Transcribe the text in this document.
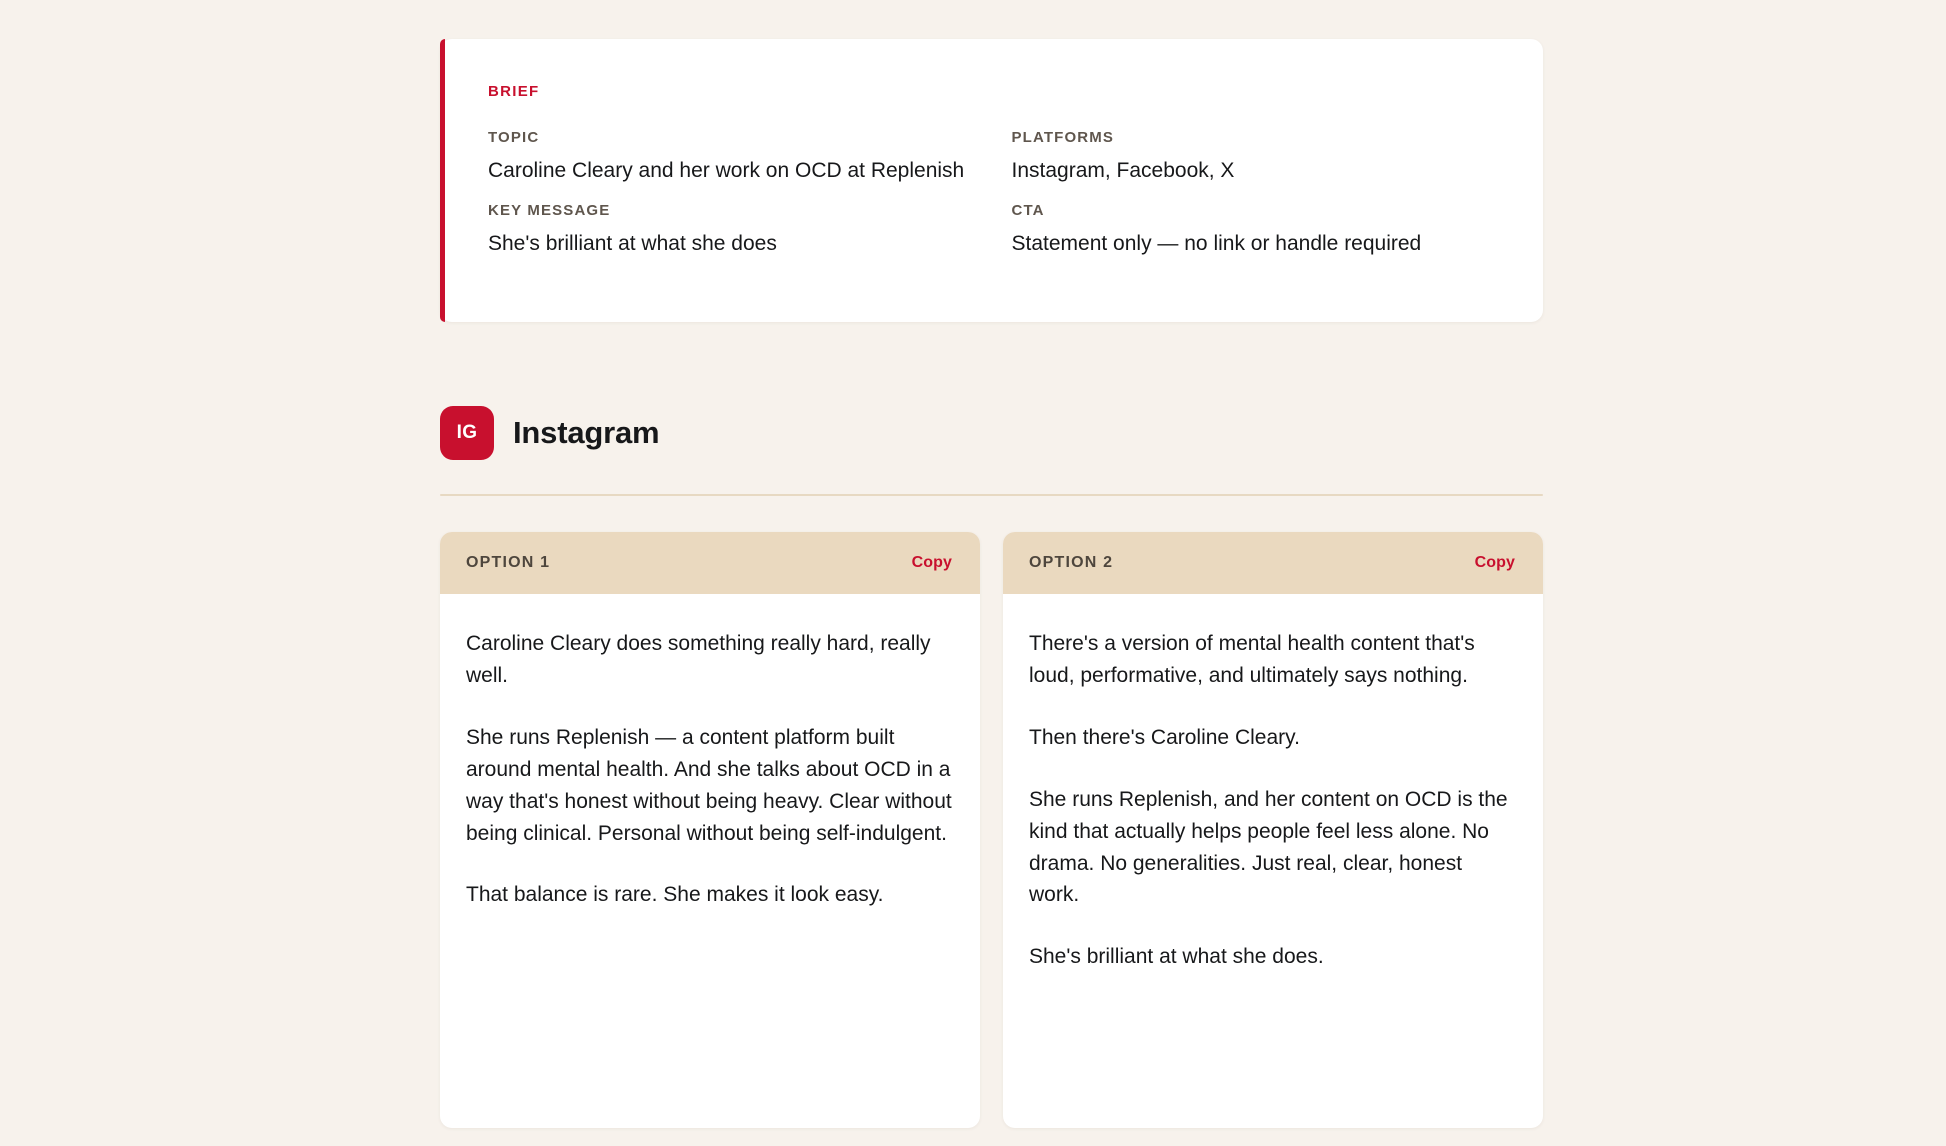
BRIEF
TOPIC
Caroline Cleary and her work on OCD at Replenish
PLATFORMS
Instagram, Facebook, X
KEY MESSAGE
She's brilliant at what she does
CTA
Statement only — no link or handle required
IG	Instagram
OPTION 1	Copy

Caroline Cleary does something really hard, really well.

She runs Replenish — a content platform built around mental health. And she talks about OCD in a way that's honest without being heavy. Clear without being clinical. Personal without being self-indulgent.

That balance is rare. She makes it look easy.

OPTION 2	Copy

There's a version of mental health content that's loud, performative, and ultimately says nothing.

Then there's Caroline Cleary.

She runs Replenish, and her content on OCD is the kind that actually helps people feel less alone. No drama. No generalities. Just real, clear, honest work.

She's brilliant at what she does.
